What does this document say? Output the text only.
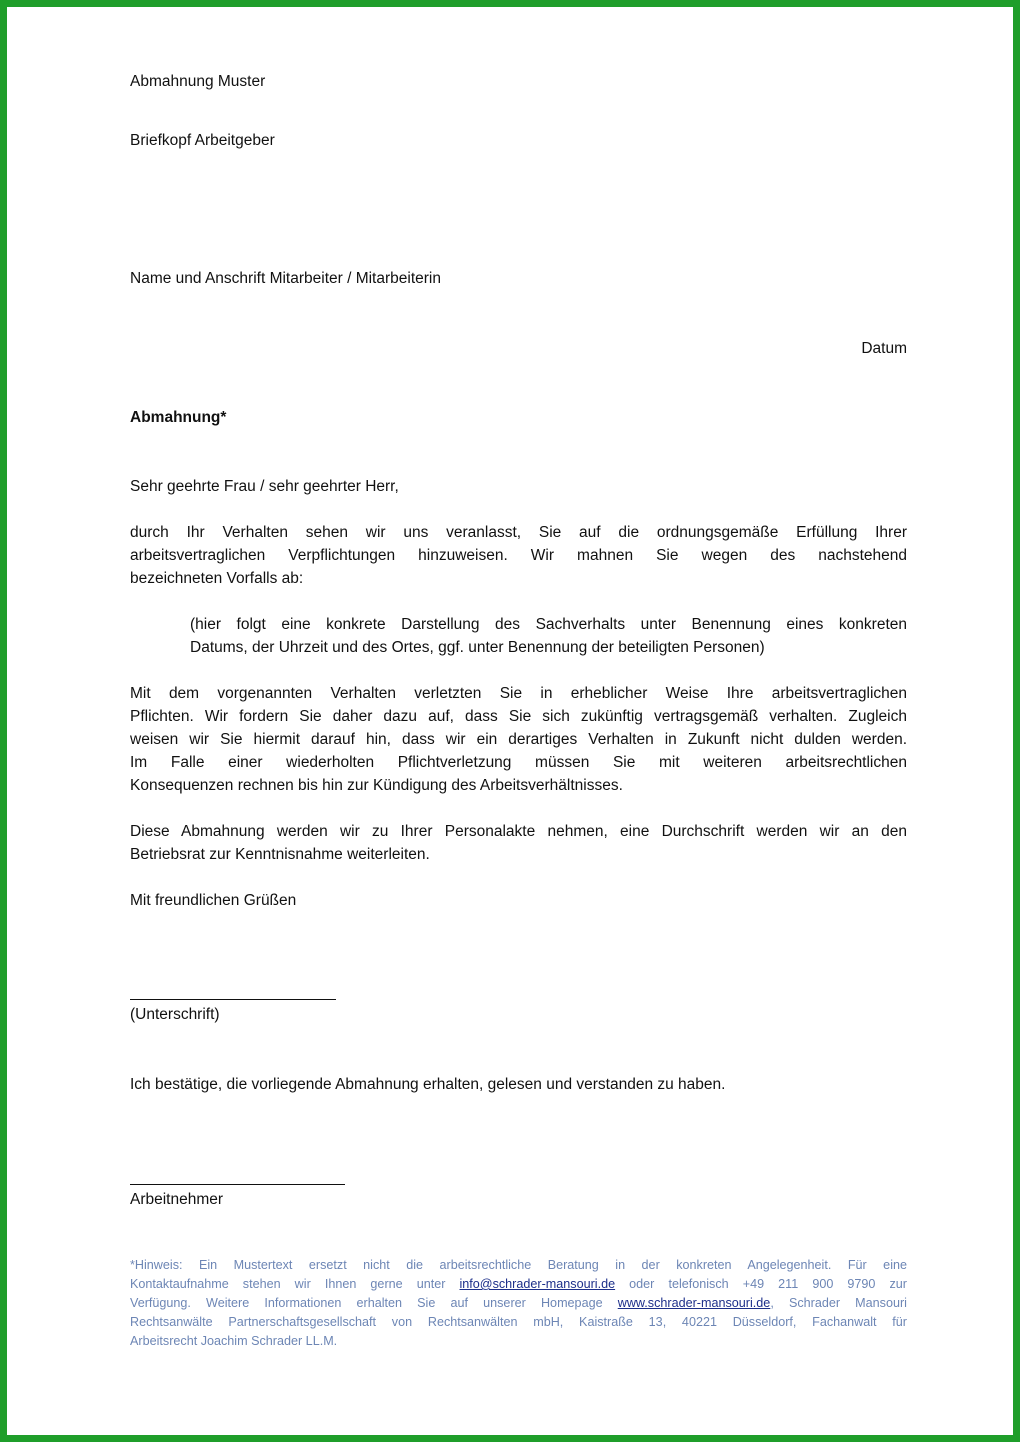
Abmahnung Muster
Briefkopf Arbeitgeber
Name und Anschrift Mitarbeiter / Mitarbeiterin
Datum
Abmahnung*
Sehr geehrte Frau / sehr geehrter Herr,
durch Ihr Verhalten sehen wir uns veranlasst, Sie auf die ordnungsgemäße Erfüllung Ihrer
arbeitsvertraglichen Verpflichtungen hinzuweisen. Wir mahnen Sie wegen des nachstehend
bezeichneten Vorfalls ab:
(hier folgt eine konkrete Darstellung des Sachverhalts unter Benennung eines konkreten
Datums, der Uhrzeit und des Ortes, ggf. unter Benennung der beteiligten Personen)
Mit dem vorgenannten Verhalten verletzten Sie in erheblicher Weise Ihre arbeitsvertraglichen
Pflichten. Wir fordern Sie daher dazu auf, dass Sie sich zukünftig vertragsgemäß verhalten. Zugleich
weisen wir Sie hiermit darauf hin, dass wir ein derartiges Verhalten in Zukunft nicht dulden werden.
Im Falle einer wiederholten Pflichtverletzung müssen Sie mit weiteren arbeitsrechtlichen
Konsequenzen rechnen bis hin zur Kündigung des Arbeitsverhältnisses.
Diese Abmahnung werden wir zu Ihrer Personalakte nehmen, eine Durchschrift werden wir an den
Betriebsrat zur Kenntnisnahme weiterleiten.
Mit freundlichen Grüßen
(Unterschrift)
Ich bestätige, die vorliegende Abmahnung erhalten, gelesen und verstanden zu haben.
Arbeitnehmer
*Hinweis: Ein Mustertext ersetzt nicht die arbeitsrechtliche Beratung in der konkreten Angelegenheit. Für eine
Kontaktaufnahme stehen wir Ihnen gerne unter info@schrader-mansouri.de oder telefonisch +49 211 900 9790 zur
Verfügung. Weitere Informationen erhalten Sie auf unserer Homepage www.schrader-mansouri.de, Schrader Mansouri
Rechtsanwälte Partnerschaftsgesellschaft von Rechtsanwälten mbH, Kaistraße 13, 40221 Düsseldorf, Fachanwalt für
Arbeitsrecht Joachim Schrader LL.M.
